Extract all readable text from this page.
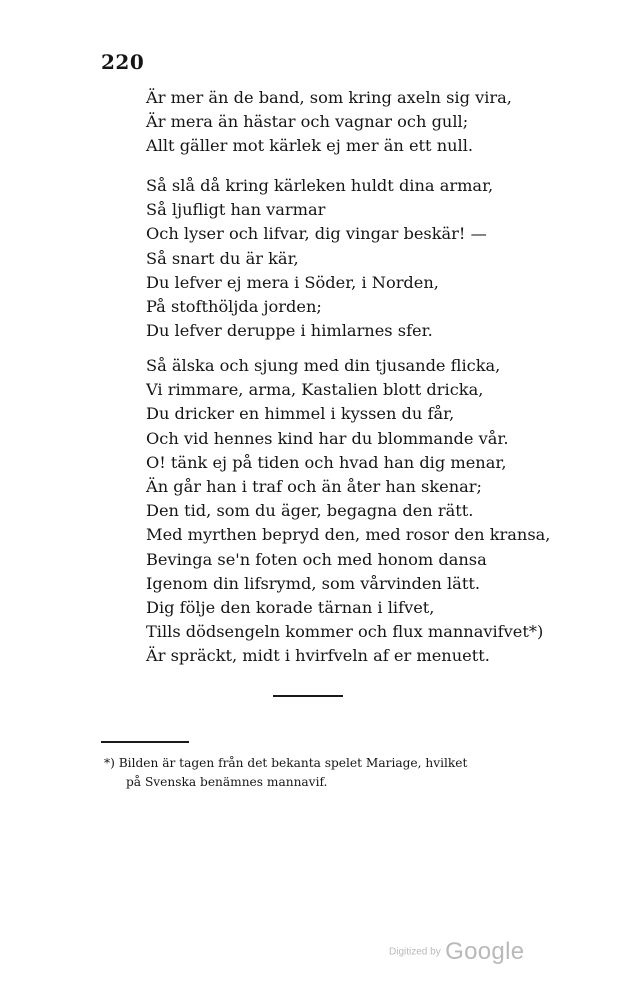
220
Är mer än de band, som kring axeln sig vira,
Är mera än hästar och vagnar och gull;
Allt gäller mot kärlek ej mer än ett null.
Så slå då kring kärleken huldt dina armar,
Så ljufligt han varmar
Och lyser och lifvar, dig vingar beskär! —
Så snart du är kär,
Du lefver ej mera i Söder, i Norden,
På stofthöljda jorden;
Du lefver deruppe i himlarnes sfer.
Så älska och sjung med din tjusande flicka,
Vi rimmare, arma, Kastalien blott dricka,
Du dricker en himmel i kyssen du får,
Och vid hennes kind har du blommande vår.
O! tänk ej på tiden och hvad han dig menar,
Än går han i traf och än åter han skenar;
Den tid, som du äger, begagna den rätt.
Med myrthen bepryd den, med rosor den kransa,
Bevinga se'n foten och med honom dansa
Igenom din lifsrymd, som vårvinden lätt.
Dig följe den korade tärnan i lifvet,
Tills dödsengeln kommer och flux mannavifvet*)
Är spräckt, midt i hvirfveln af er menuett.
*) Bilden är tagen från det bekanta spelet Mariage, hvilket
på Svenska benämnes mannavif.
Digitized by Google
